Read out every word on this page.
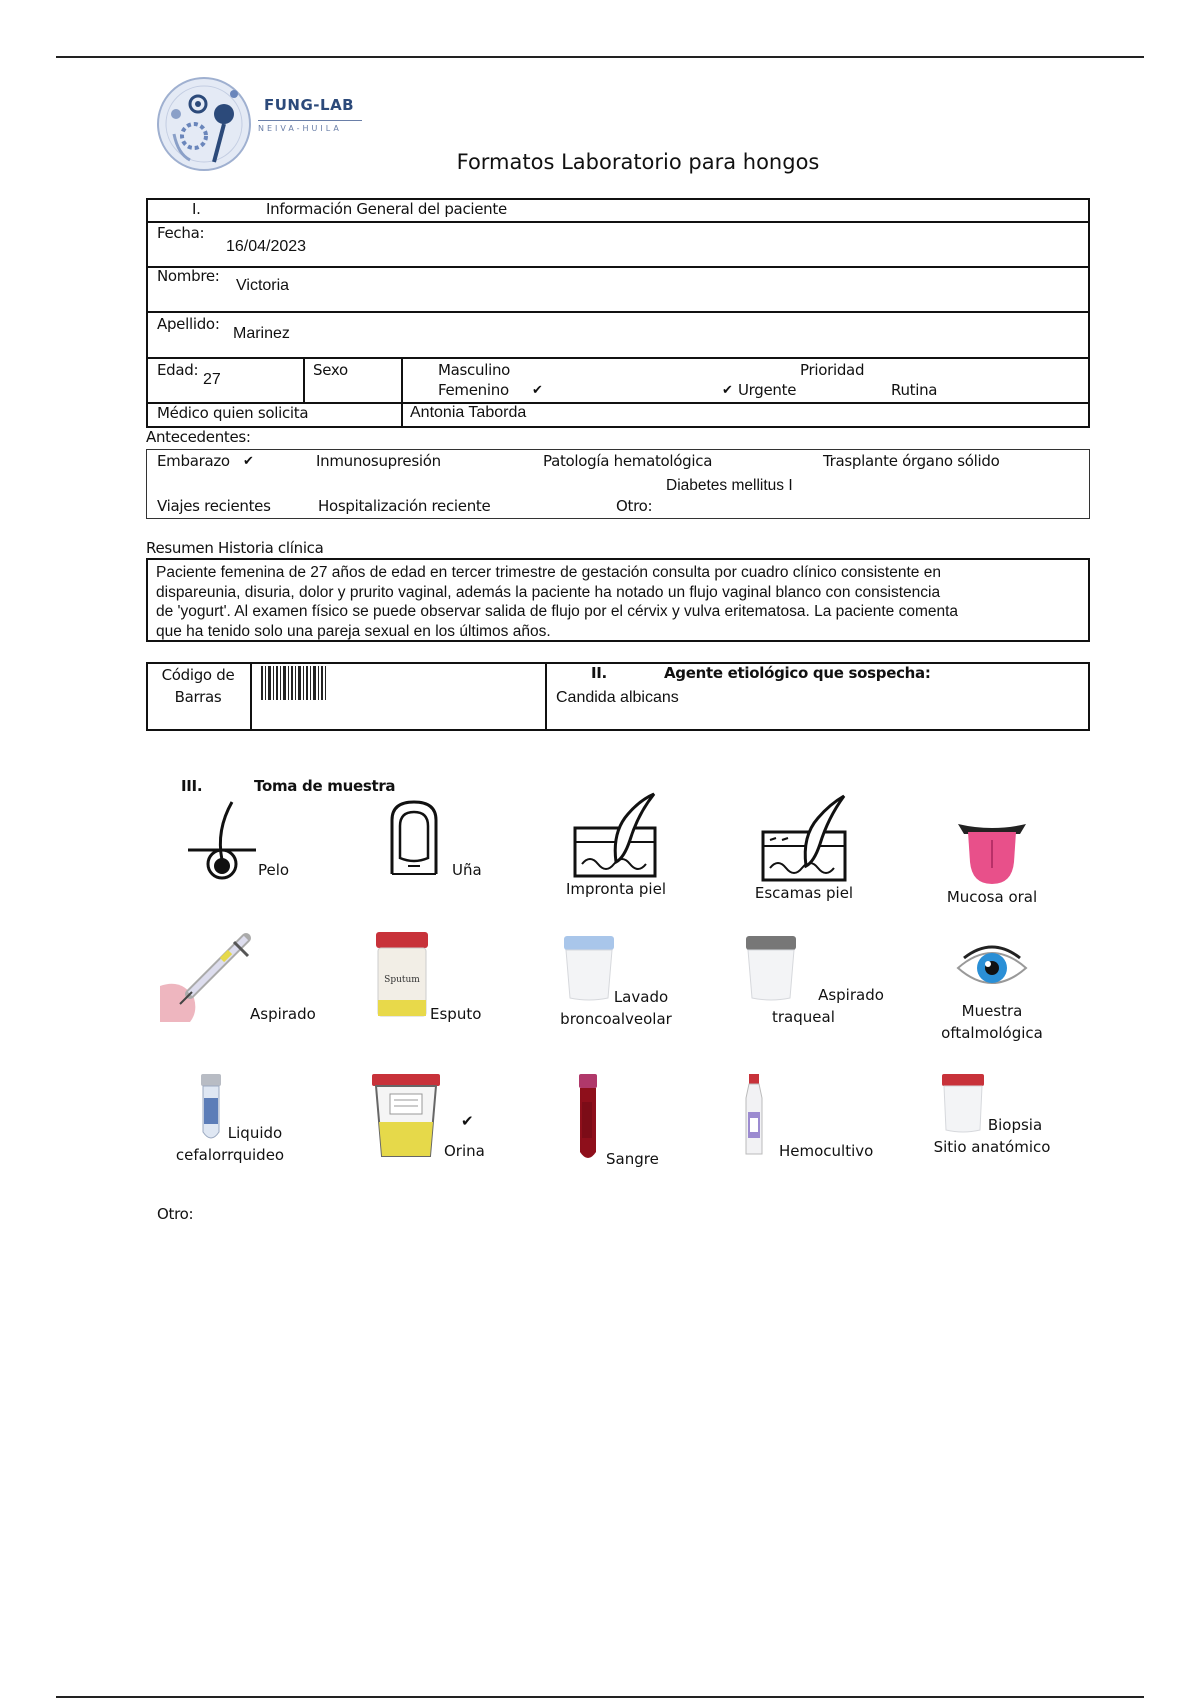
FUNG-LAB
NEIVA-HUILA
Formatos Laboratorio para hongos
I.	Información General del paciente
Fecha:
16/04/2023
Nombre:
Victoria
Apellido:
Marinez
Edad:
27
Sexo	Masculino
Femenino ✔
Prioridad
✔ Urgente	Rutina
Médico quien solicita	Antonia Taborda
Antecedentes:
Embarazo ✔	Inmunosupresión	Patología hematológica	Trasplante órgano sólido
Diabetes mellitus I
Viajes recientes	Hospitalización reciente	Otro:
Resumen Historia clínica
Paciente femenina de 27 años de edad en tercer trimestre de gestación consulta por cuadro clínico consistente en
dispareunia, disuria, dolor y prurito vaginal, además la paciente ha notado un flujo vaginal blanco con consistencia
de 'yogurt'. Al examen físico se puede observar salida de flujo por el cérvix y vulva eritematosa. La paciente comenta
que ha tenido solo una pareja sexual en los últimos años.
Código de
Barras
II.	Agente etiológico que sospecha:
Candida albicans
III.	Toma de muestra
Pelo	Uña
Impronta piel	Escamas piel	Mucosa oral
Aspirado
Sputum
Esputo
Lavado
broncoalveolar
Aspirado
traqueal	Muestra
oftalmológica
Liquido
cefalorrquideo
✔
Orina	Sangre	Hemocultivo
Biopsia
Sitio anatómico
Otro:
